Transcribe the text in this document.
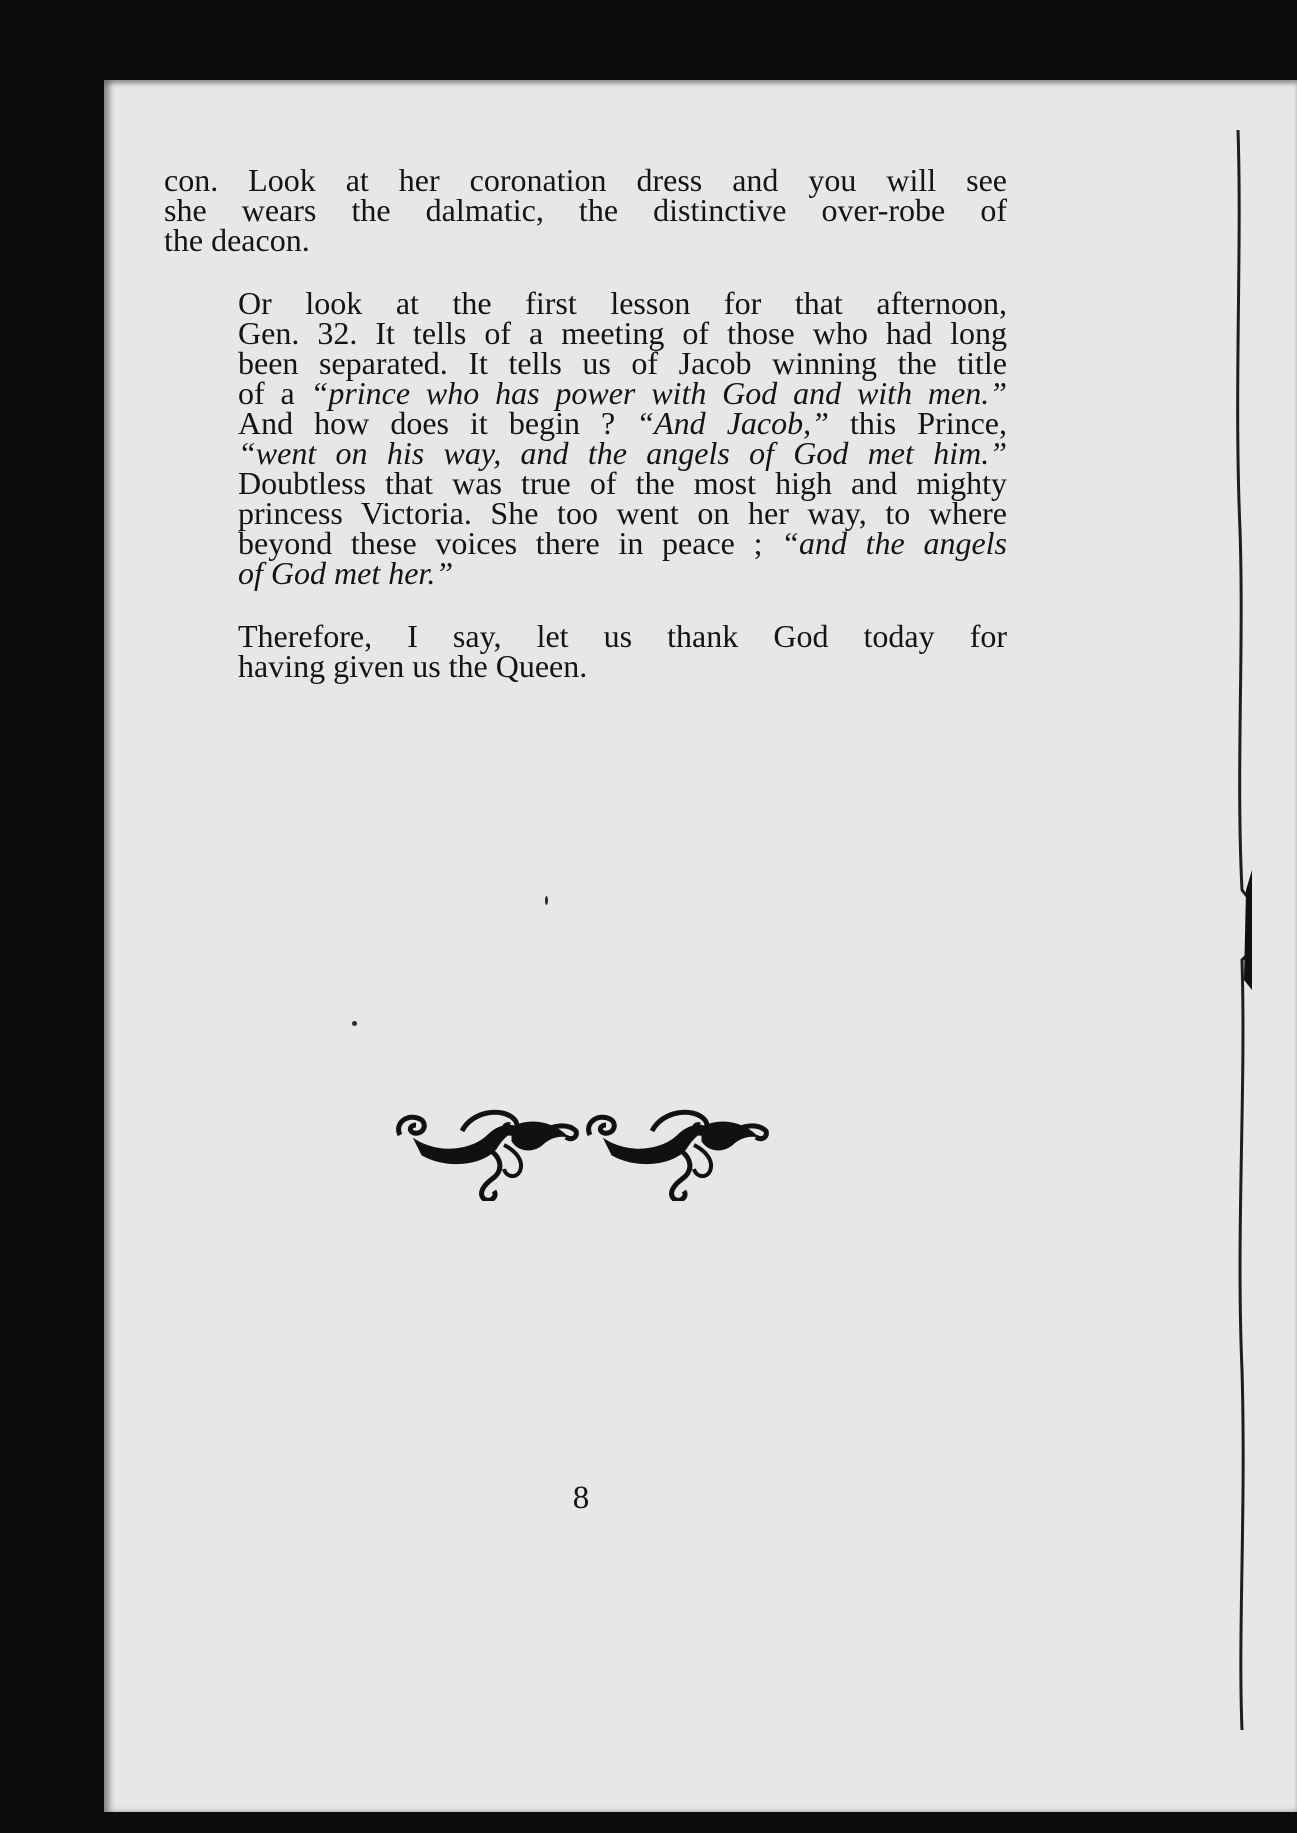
con. Look at her coronation dress and you will see
she wears the dalmatic, the distinctive over-robe of
the deacon.

Or look at the first lesson for that afternoon,
Gen. 32. It tells of a meeting of those who had long
been separated. It tells us of Jacob winning the title
of a “prince who has power with God and with men.”
And how does it begin ? “And Jacob,” this Prince,
“went on his way, and the angels of God met him.”
Doubtless that was true of the most high and mighty
princess Victoria. She too went on her way, to where
beyond these voices there in peace ; “and the angels
of God met her.”

Therefore, I say, let us thank God today for
having given us the Queen.

8
